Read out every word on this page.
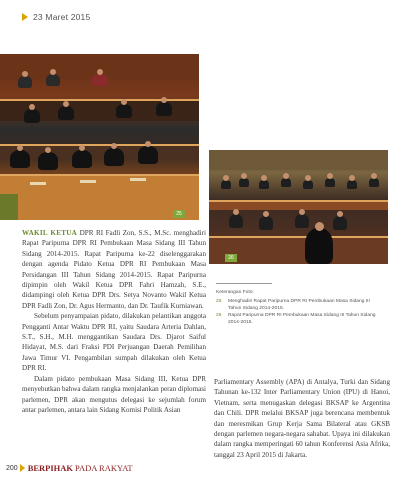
23 Maret 2015
25
26
Keterangan Foto:
25	Menghadiri Rapat Paripurna DPR RI Pembukaan Masa Sidang III Tahun Sidang 2014-2015.
26	Rapat Paripurna DPR RI Pembukaan Masa Sidang III Tahun Sidang 2014-2015.

WAKIL KETUA DPR RI Fadli Zon, S.S., M.Sc. menghadiri Rapat Paripurna DPR RI Pembukaan Masa Sidang III Tahun Sidang 2014-2015. Rapat Paripurna ke-22 diselenggarakan dengan agenda Pidato Ketua DPR RI Pembukaan Masa Persidangan III Tahun Sidang 2014-2015. Rapat Paripurna dipimpin oleh Wakil Ketua DPR Fahri Hamzah, S.E., didampingi oleh Ketua DPR Drs. Setya Novanto Wakil Ketua DPR Fadli Zon, Dr. Agus Hermanto, dan Dr. Taufik Kurniawan.

Sebelum penyampaian pidato, dilakukan pelantikan anggota Pengganti Antar Waktu DPR RI, yaitu Saudara Arteria Dahlan, S.T., S.H., M.H. menggantikan Saudara Drs. Djarot Saiful Hidayat, M.S. dari Fraksi PDI Perjuangan Daerah Pemilihan Jawa Timur VI. Pengambilan sumpah dilakukan oleh Ketua DPR RI.

Dalam pidato pembukaan Masa Sidang III, Ketua DPR menyebutkan bahwa dalam rangka menjalankan peran diplomasi parlemen, DPR akan mengutus delegasi ke sejumlah forum antar parlemen, antara lain Sidang Komisi Politik Asian

Parliamentary Assembly (APA) di Antalya, Turki dan Sidang Tahunan ke-132 Inter Parliamentary Union (IPU) di Hanoi, Vietnam, serta menugaskan delegasi BKSAP ke Argentina dan Chili. DPR melalui BKSAP juga berencana membentuk dan meresmikan Grup Kerja Sama Bilateral atau GKSB dengan parlemen negara-negara sahabat. Upaya ini dilakukan dalam rangka memperingati 60 tahun Konferensi Asia Afrika, tanggal 23 April 2015 di Jakarta.

200 BERPIHAK PADA RAKYAT
